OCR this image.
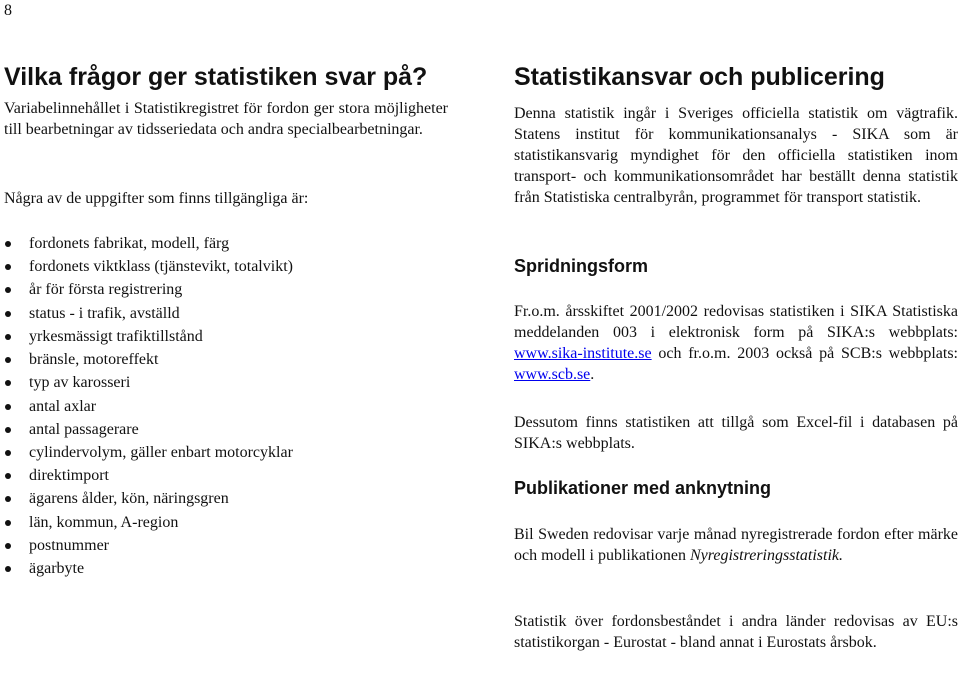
8
Vilka frågor ger statistiken svar på?

Variabelinnehållet i Statistikregistret för fordon ger stora möjligheter till bearbetningar av tidsseriedata och andra specialbearbetningar.

Några av de uppgifter som finns tillgängliga är:

fordonets fabrikat, modell, färg
fordonets viktklass (tjänstevikt, totalvikt)
år för första registrering
status - i trafik, avställd
yrkesmässigt trafiktillstånd
bränsle, motoreffekt
typ av karosseri
antal axlar
antal passagerare
cylindervolym, gäller enbart motorcyklar
direktimport
ägarens ålder, kön, näringsgren
län, kommun, A-region
postnummer
ägarbyte
Statistikansvar och publicering

Denna statistik ingår i Sveriges officiella statistik om vägtrafik. Statens institut för kommunikationsanalys - SIKA som är statistikansvarig myndighet för den officiella statistiken inom transport- och kommunikationsområdet har beställt denna statistik från Statistiska centralbyrån, programmet för transport statistik.

Spridningsform

Fr.o.m. årsskiftet 2001/2002 redovisas statistiken i SIKA Statistiska meddelanden 003 i elektronisk form på SIKA:s webbplats: www.sika-institute.se och fr.o.m. 2003 också på SCB:s webbplats: www.scb.se.

Dessutom finns statistiken att tillgå som Excel-fil i databasen på SIKA:s webbplats.

Publikationer med anknytning

Bil Sweden redovisar varje månad nyregistrerade fordon efter märke och modell i publikationen Nyregistreringsstatistik.

Statistik över fordonsbeståndet i andra länder redovisas av EU:s statistikorgan - Eurostat - bland annat i Eurostats årsbok.
